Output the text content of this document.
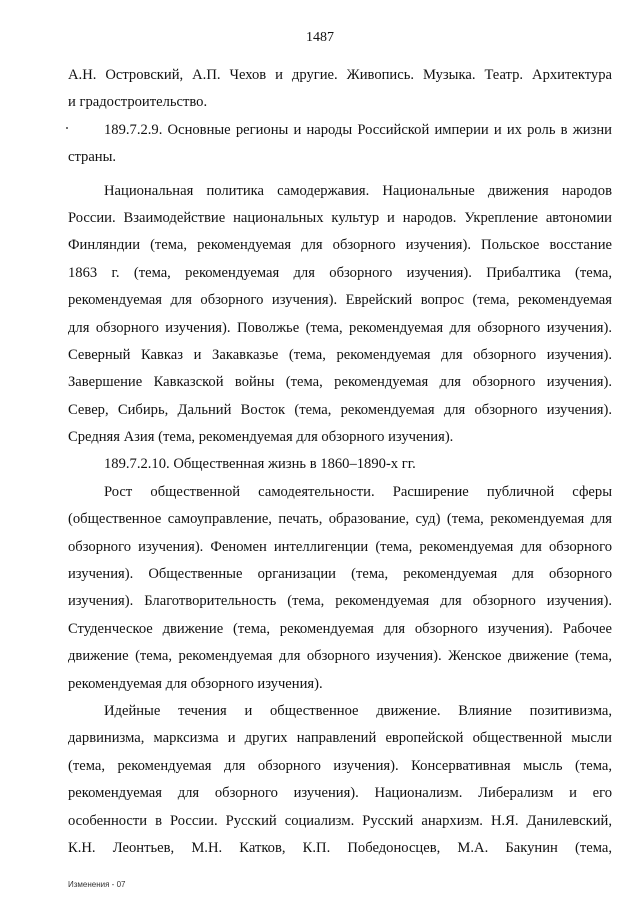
1487
А.Н. Островский, А.П. Чехов и другие. Живопись. Музыка. Театр. Архитектура
и градостроительство.
189.7.2.9. Основные регионы и народы Российской империи и их роль в жизни
страны.
Национальная политика самодержавия. Национальные движения народов
России. Взаимодействие национальных культур и народов. Укрепление автономии
Финляндии (тема, рекомендуемая для обзорного изучения). Польское восстание
1863 г. (тема, рекомендуемая для обзорного изучения). Прибалтика (тема,
рекомендуемая для обзорного изучения). Еврейский вопрос (тема, рекомендуемая
для обзорного изучения). Поволжье (тема, рекомендуемая для обзорного изучения).
Северный Кавказ и Закавказье (тема, рекомендуемая для обзорного изучения).
Завершение Кавказской войны (тема, рекомендуемая для обзорного изучения).
Север, Сибирь, Дальний Восток (тема, рекомендуемая для обзорного изучения).
Средняя Азия (тема, рекомендуемая для обзорного изучения).
189.7.2.10. Общественная жизнь в 1860–1890-х гг.
Рост общественной самодеятельности. Расширение публичной сферы
(общественное самоуправление, печать, образование, суд) (тема, рекомендуемая для
обзорного изучения). Феномен интеллигенции (тема, рекомендуемая для обзорного
изучения). Общественные организации (тема, рекомендуемая для обзорного
изучения). Благотворительность (тема, рекомендуемая для обзорного изучения).
Студенческое движение (тема, рекомендуемая для обзорного изучения). Рабочее
движение (тема, рекомендуемая для обзорного изучения). Женское движение (тема,
рекомендуемая для обзорного изучения).
Идейные течения и общественное движение. Влияние позитивизма,
дарвинизма, марксизма и других направлений европейской общественной мысли
(тема, рекомендуемая для обзорного изучения). Консервативная мысль (тема,
рекомендуемая для обзорного изучения). Национализм. Либерализм и его
особенности в России. Русский социализм. Русский анархизм. Н.Я. Данилевский,
К.Н. Леонтьев, М.Н. Катков, К.П. Победоносцев, М.А. Бакунин (тема,
Изменения - 07
